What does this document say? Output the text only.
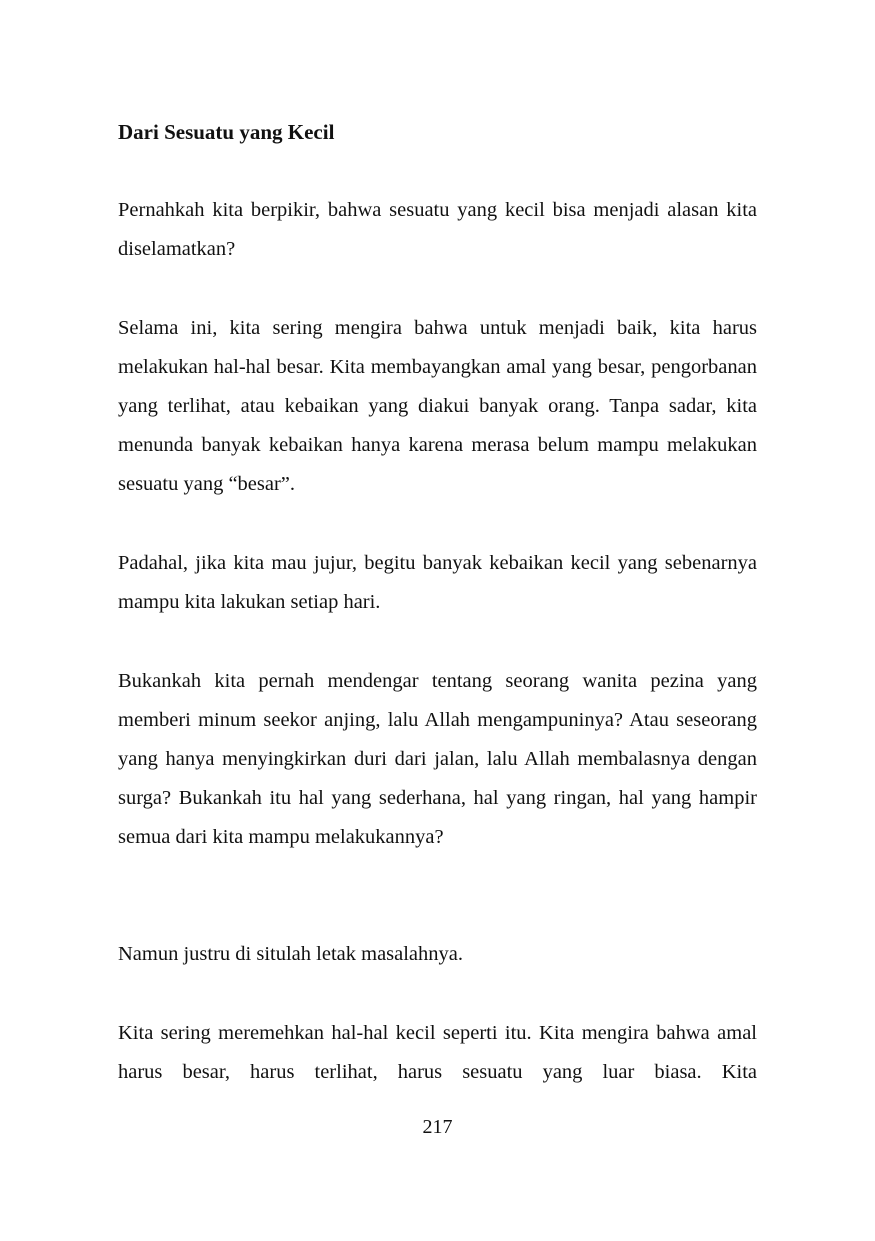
Dari Sesuatu yang Kecil

Pernahkah kita berpikir, bahwa sesuatu yang kecil bisa menjadi alasan kita diselamatkan?

Selama ini, kita sering mengira bahwa untuk menjadi baik, kita harus melakukan hal-hal besar. Kita membayangkan amal yang besar, pengorbanan yang terlihat, atau kebaikan yang diakui banyak orang. Tanpa sadar, kita menunda banyak kebaikan hanya karena merasa belum mampu melakukan sesuatu yang “besar”.

Padahal, jika kita mau jujur, begitu banyak kebaikan kecil yang sebenarnya mampu kita lakukan setiap hari.

Bukankah kita pernah mendengar tentang seorang wanita pezina yang memberi minum seekor anjing, lalu Allah mengampuninya? Atau seseorang yang hanya menyingkirkan duri dari jalan, lalu Allah membalasnya dengan surga? Bukankah itu hal yang sederhana, hal yang ringan, hal yang hampir semua dari kita mampu melakukannya?

Namun justru di situlah letak masalahnya.

Kita sering meremehkan hal-hal kecil seperti itu. Kita mengira bahwa amal harus besar, harus terlihat, harus sesuatu yang luar biasa. Kita

217
